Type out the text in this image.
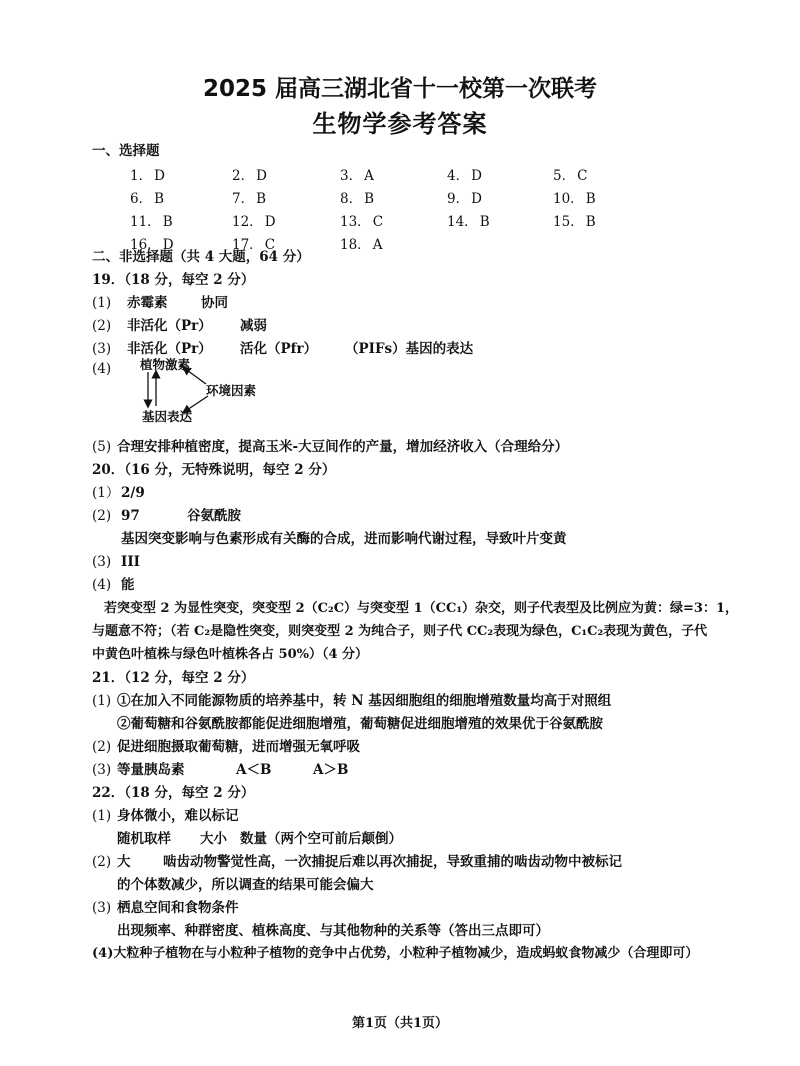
2025 届高三湖北省十一校第一次联考
生物学参考答案
一、选择题
1． D	2． D	3． A	4． D	5． C
6． B	7． B	8． B	9． D	10． B
11． B	12． D	13． C	14． B	15． B
16． D	17． C	18． A
二、非选择题（共 4 大题，64 分）
19．（18 分，每空 2 分）
(1) 赤霉素 协同
(2) 非活化（Pr） 减弱
(3) 非活化（Pr） 活化（Pfr） （PIFs）基因的表达
(4) 植物激素
环境因素
基因表达
(5) 合理安排种植密度，提高玉米-大豆间作的产量，增加经济收入（合理给分）
20．（16 分，无特殊说明，每空 2 分）
(1） 2/9
(2) 97	谷氨酰胺
基因突变影响与色素形成有关酶的合成，进而影响代谢过程，导致叶片变黄
(3) III
(4) 能
若突变型 2 为显性突变，突变型 2（C₂C）与突变型 1（CC₁）杂交，则子代表型及比例应为黄：绿=3：1，
与题意不符；（若 C₂是隐性突变，则突变型 2 为纯合子，则子代 CC₂表现为绿色，C₁C₂表现为黄色，子代
中黄色叶植株与绿色叶植株各占 50%）（4 分）
21．（12 分，每空 2 分）
(1) ①在加入不同能源物质的培养基中，转 N 基因细胞组的细胞增殖数量均高于对照组
②葡萄糖和谷氨酰胺都能促进细胞增殖，葡萄糖促进细胞增殖的效果优于谷氨酰胺
(2) 促进细胞摄取葡萄糖，进而增强无氧呼吸
(3) 等量胰岛素	A＜B	A＞B
22．（18 分，每空 2 分）
(1) 身体微小，难以标记
随机取样 大小 数量（两个空可前后颠倒）
(2) 大 啮齿动物警觉性高，一次捕捉后难以再次捕捉，导致重捕的啮齿动物中被标记
的个体数减少，所以调查的结果可能会偏大
(3) 栖息空间和食物条件
出现频率、种群密度、植株高度、与其他物种的关系等（答出三点即可）
(4)大粒种子植物在与小粒种子植物的竞争中占优势，小粒种子植物减少，造成蚂蚁食物减少（合理即可）
第1页（共1页）
